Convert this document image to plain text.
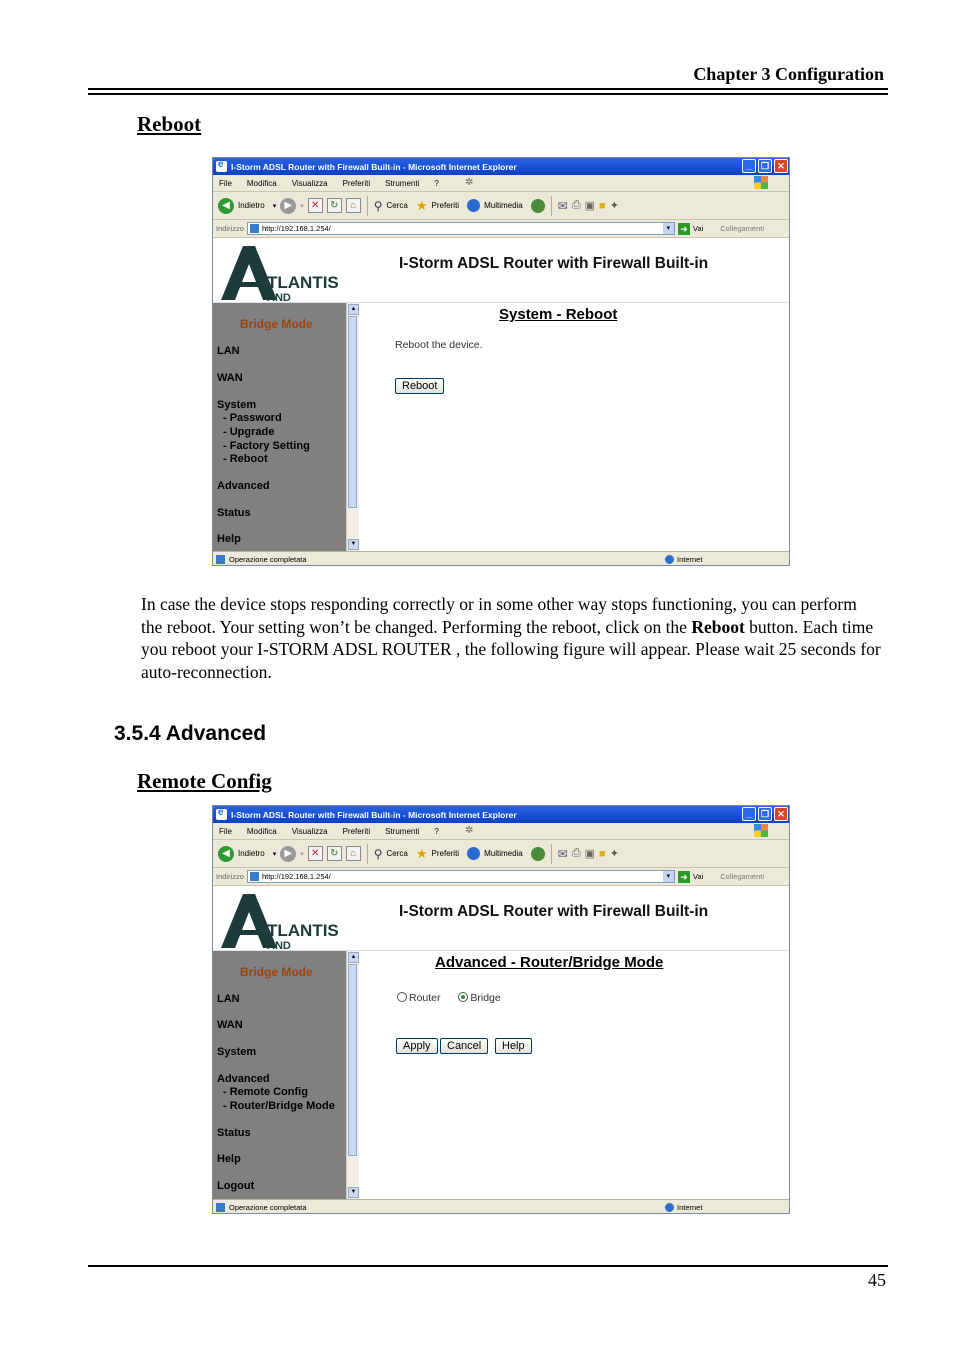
Chapter 3 Configuration
Reboot
e
I-Storm ADSL Router with Firewall Built-in - Microsoft Internet Explorer	_	❐ ✕
File Modifica Visualizza Preferiti Strumenti ?	✲
◀	Indietro ▾ ▶	▾ ✕	↻	⌂	⚲ Cerca ★ Preferiti	Multimedia	✉ ⎙ ▣ ■ ✦
Indirizzo http://192.168.1.254/	▾	➜ Vai Collegamenti
TLANTIS
AND
I-Storm ADSL Router with Firewall Built-in
Bridge Mode
LAN
WAN
System
- Password
- Upgrade
- Factory Setting
- Reboot
Advanced
Status
Help
▲
▼
System - Reboot
Reboot the device.
Reboot
Operazione completata	Internet
In case the device stops responding correctly or in some other way stops functioning, you can perform the reboot. Your setting won’t be changed. Performing the reboot, click on the Reboot button. Each time you reboot your I-STORM ADSL ROUTER , the following figure will appear. Please wait 25 seconds for auto-reconnection.
3.5.4 Advanced
Remote Config
e
I-Storm ADSL Router with Firewall Built-in - Microsoft Internet Explorer	_	❐ ✕
File Modifica Visualizza Preferiti Strumenti ?	✲
◀	Indietro ▾ ▶	▾ ✕	↻	⌂	⚲ Cerca ★ Preferiti	Multimedia	✉ ⎙ ▣ ■ ✦
Indirizzo http://192.168.1.254/	▾	➜ Vai Collegamenti
TLANTIS
AND
I-Storm ADSL Router with Firewall Built-in
Bridge Mode
LAN
WAN
System
Advanced
- Remote Config
- Router/Bridge Mode
Status
Help
Logout
▲
▼
Advanced - Router/Bridge Mode
Router	Bridge
Apply	Cancel	Help
Operazione completata	Internet
45
